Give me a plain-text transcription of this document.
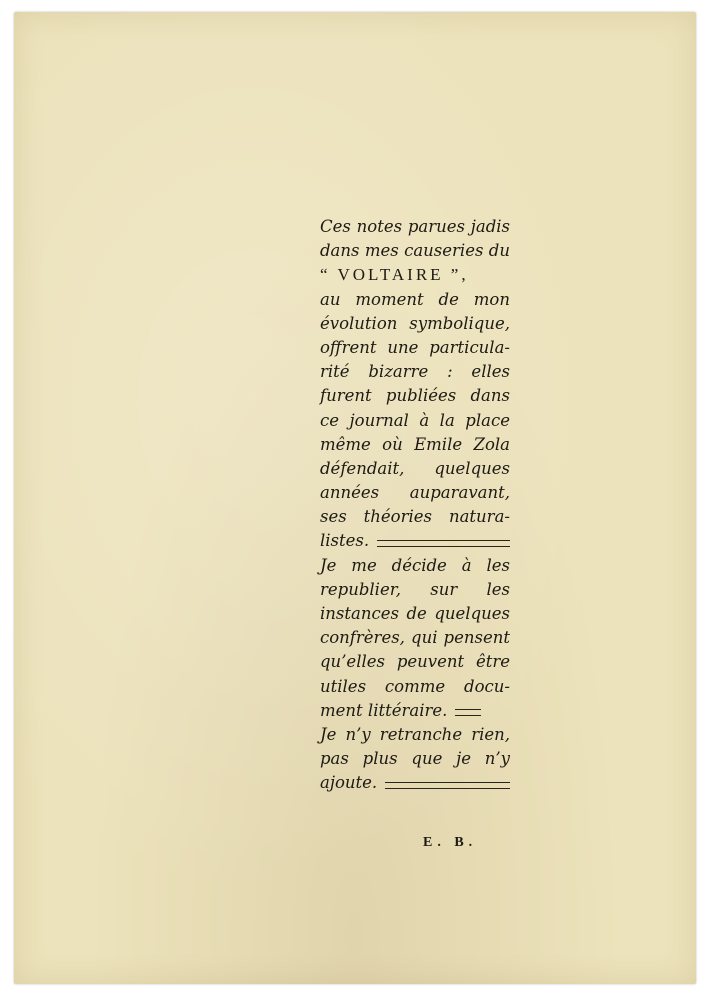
Ces notes parues jadis
dans mes causeries du
“ VOLTAIRE ”,
au moment de mon
évolution symbolique,
offrent une particula-
rité bizarre : elles
furent publiées dans
ce journal à la place
même où Emile Zola
défendait, quelques
années auparavant,
ses théories natura-
listes.
Je me décide à les
republier, sur les
instances de quelques
confrères, qui pensent
qu’elles peuvent être
utiles comme docu-
ment littéraire.
Je n’y retranche rien,
pas plus que je n’y
ajoute.
E. B.
